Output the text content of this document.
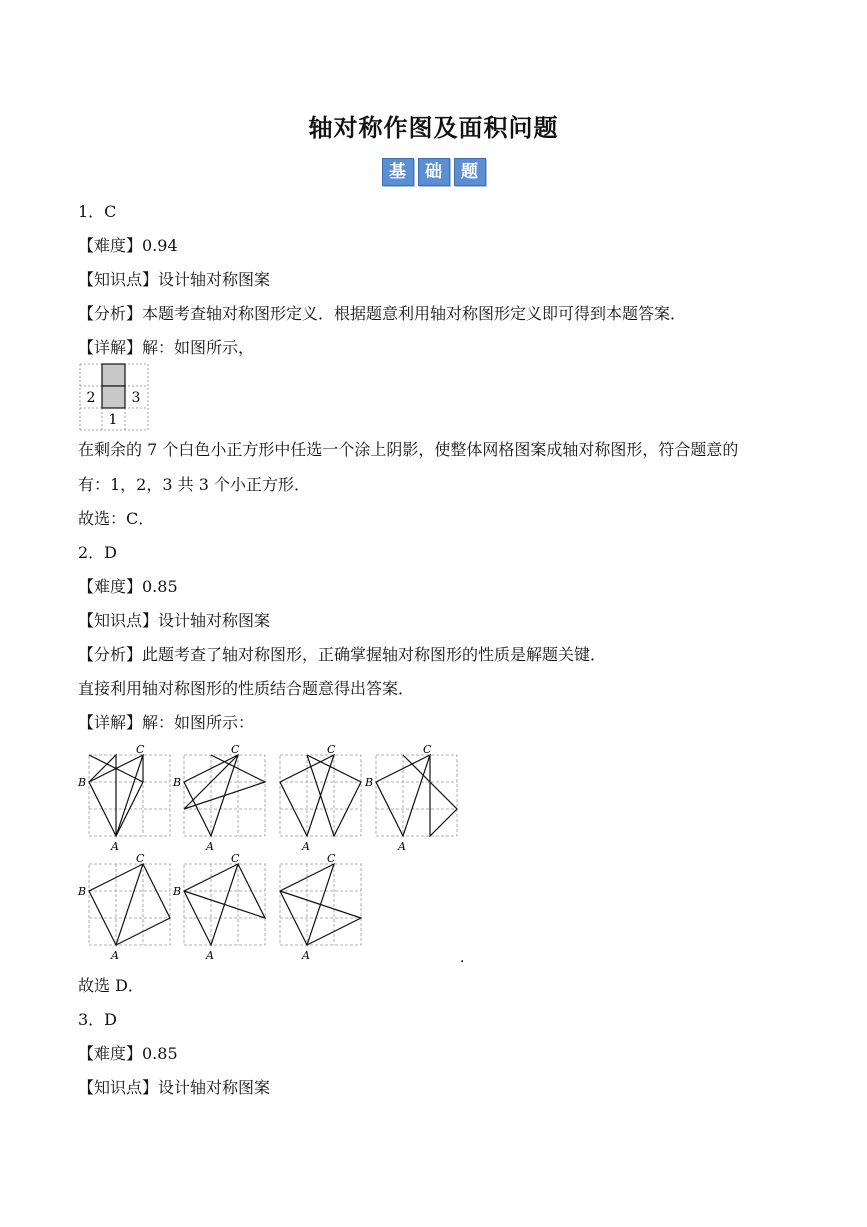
轴对称作图及面积问题
基	础	题
1．C
【难度】0.94
【知识点】设计轴对称图案
【分析】本题考查轴对称图形定义．根据题意利用轴对称图形定义即可得到本题答案．
【详解】解：如图所示，
2	3
1
在剩余的 7 个白色小正方形中任选一个涂上阴影，使整体网格图案成轴对称图形，符合题意的
有：1，2，3 共 3 个小正方形．
故选：C．
2．D
【难度】0.85
【知识点】设计轴对称图案
【分析】此题考查了轴对称图形，正确掌握轴对称图形的性质是解题关键．
直接利用轴对称图形的性质结合题意得出答案．
【详解】解：如图所示：
C
B
A
C
B
A
C
A
C
B
A
C
B
A
C
B
A
C
A	.
故选 D．
3．D
【难度】0.85
【知识点】设计轴对称图案
